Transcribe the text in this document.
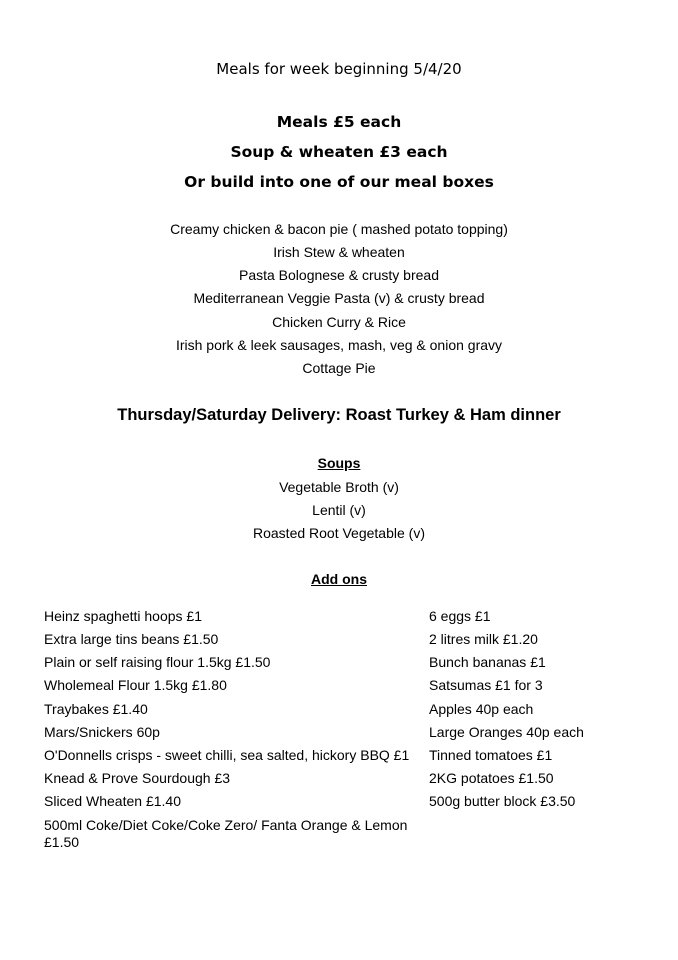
Meals for week beginning 5/4/20
Meals £5 each
Soup & wheaten £3 each
Or build into one of our meal boxes
Creamy chicken & bacon pie ( mashed potato topping)
Irish Stew & wheaten
Pasta Bolognese & crusty bread
Mediterranean Veggie Pasta (v) & crusty bread
Chicken Curry & Rice
Irish pork & leek sausages, mash, veg & onion gravy
Cottage Pie
Thursday/Saturday Delivery: Roast Turkey & Ham dinner
Soups
Vegetable Broth (v)
Lentil (v)
Roasted Root Vegetable (v)
Add ons
Heinz spaghetti hoops £1
Extra large tins beans £1.50
Plain or self raising flour 1.5kg £1.50
Wholemeal Flour 1.5kg £1.80
Traybakes £1.40
Mars/Snickers 60p
O'Donnells crisps - sweet chilli, sea salted, hickory BBQ £1
Knead & Prove Sourdough £3
Sliced Wheaten £1.40
500ml Coke/Diet Coke/Coke Zero/ Fanta Orange & Lemon
£1.50
6 eggs £1
2 litres milk £1.20
Bunch bananas £1
Satsumas £1 for 3
Apples 40p each
Large Oranges 40p each
Tinned tomatoes £1
2KG potatoes £1.50
500g butter block £3.50
